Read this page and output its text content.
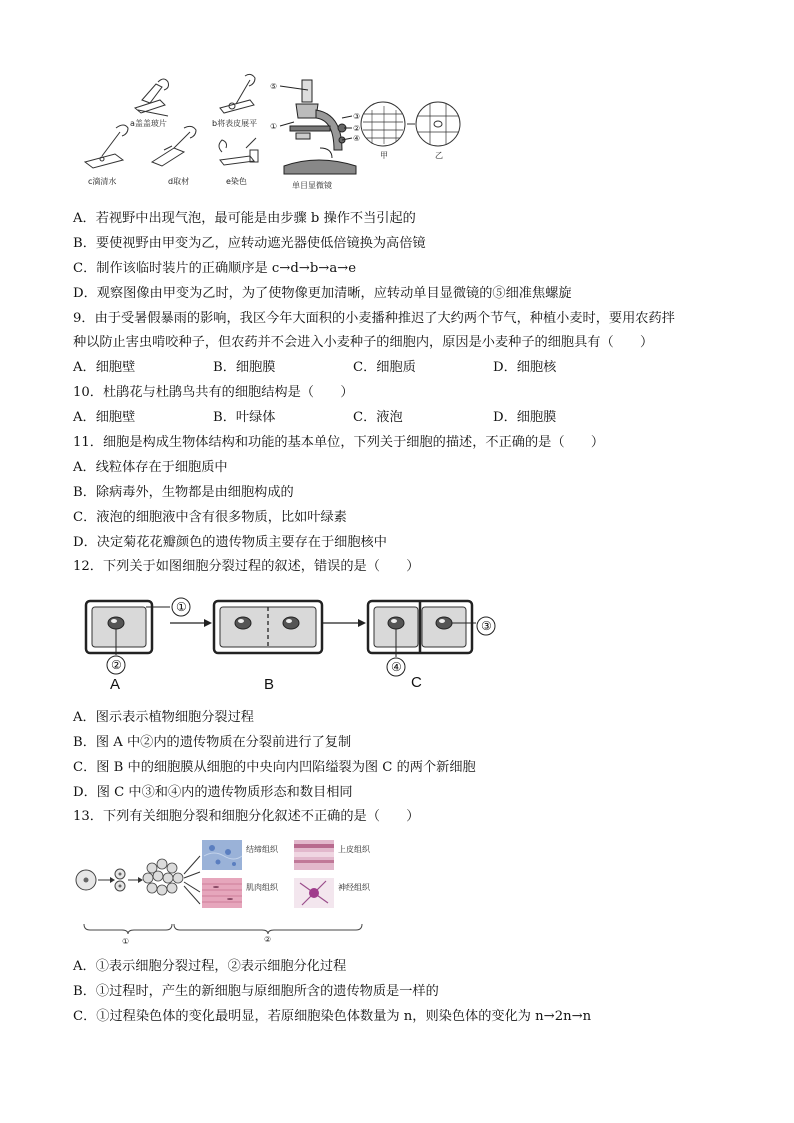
a盖盖玻片	b将表皮展平
c滴清水	d取材	e染色
⑤
①
③
②
④
单目显微镜
甲	乙
A．若视野中出现气泡，最可能是由步骤 b 操作不当引起的
B．要使视野由甲变为乙，应转动遮光器使低倍镜换为高倍镜
C．制作该临时装片的正确顺序是 c→d→b→a→e
D．观察图像由甲变为乙时，为了使物像更加清晰，应转动单目显微镜的⑤细准焦螺旋
9．由于受暑假暴雨的影响，我区今年大面积的小麦播种推迟了大约两个节气，种植小麦时，要用农药拌
种以防止害虫啃咬种子，但农药并不会进入小麦种子的细胞内，原因是小麦种子的细胞具有（　　）
A．细胞壁	B．细胞膜	C．细胞质	D．细胞核
10．杜鹃花与杜鹃鸟共有的细胞结构是（　　）
A．细胞壁	B．叶绿体	C．液泡	D．细胞膜
11．细胞是构成生物体结构和功能的基本单位，下列关于细胞的描述，不正确的是（　　）
A．线粒体存在于细胞质中
B．除病毒外，生物都是由细胞构成的
C．液泡的细胞液中含有很多物质，比如叶绿素
D．决定菊花花瓣颜色的遗传物质主要存在于细胞核中
12．下列关于如图细胞分裂过程的叙述，错误的是（　　）
①
②
A	B
③
④
C
A．图示表示植物细胞分裂过程
B．图 A 中②内的遗传物质在分裂前进行了复制
C．图 B 中的细胞膜从细胞的中央向内凹陷缢裂为图 C 的两个新细胞
D．图 C 中③和④内的遗传物质形态和数目相同
13．下列有关细胞分裂和细胞分化叙述不正确的是（　　）
结缔组织	上皮组织
肌肉组织	神经组织
①	②
A．①表示细胞分裂过程，②表示细胞分化过程
B．①过程时，产生的新细胞与原细胞所含的遗传物质是一样的
C．①过程染色体的变化最明显，若原细胞染色体数量为 n，则染色体的变化为 n→2n→n
